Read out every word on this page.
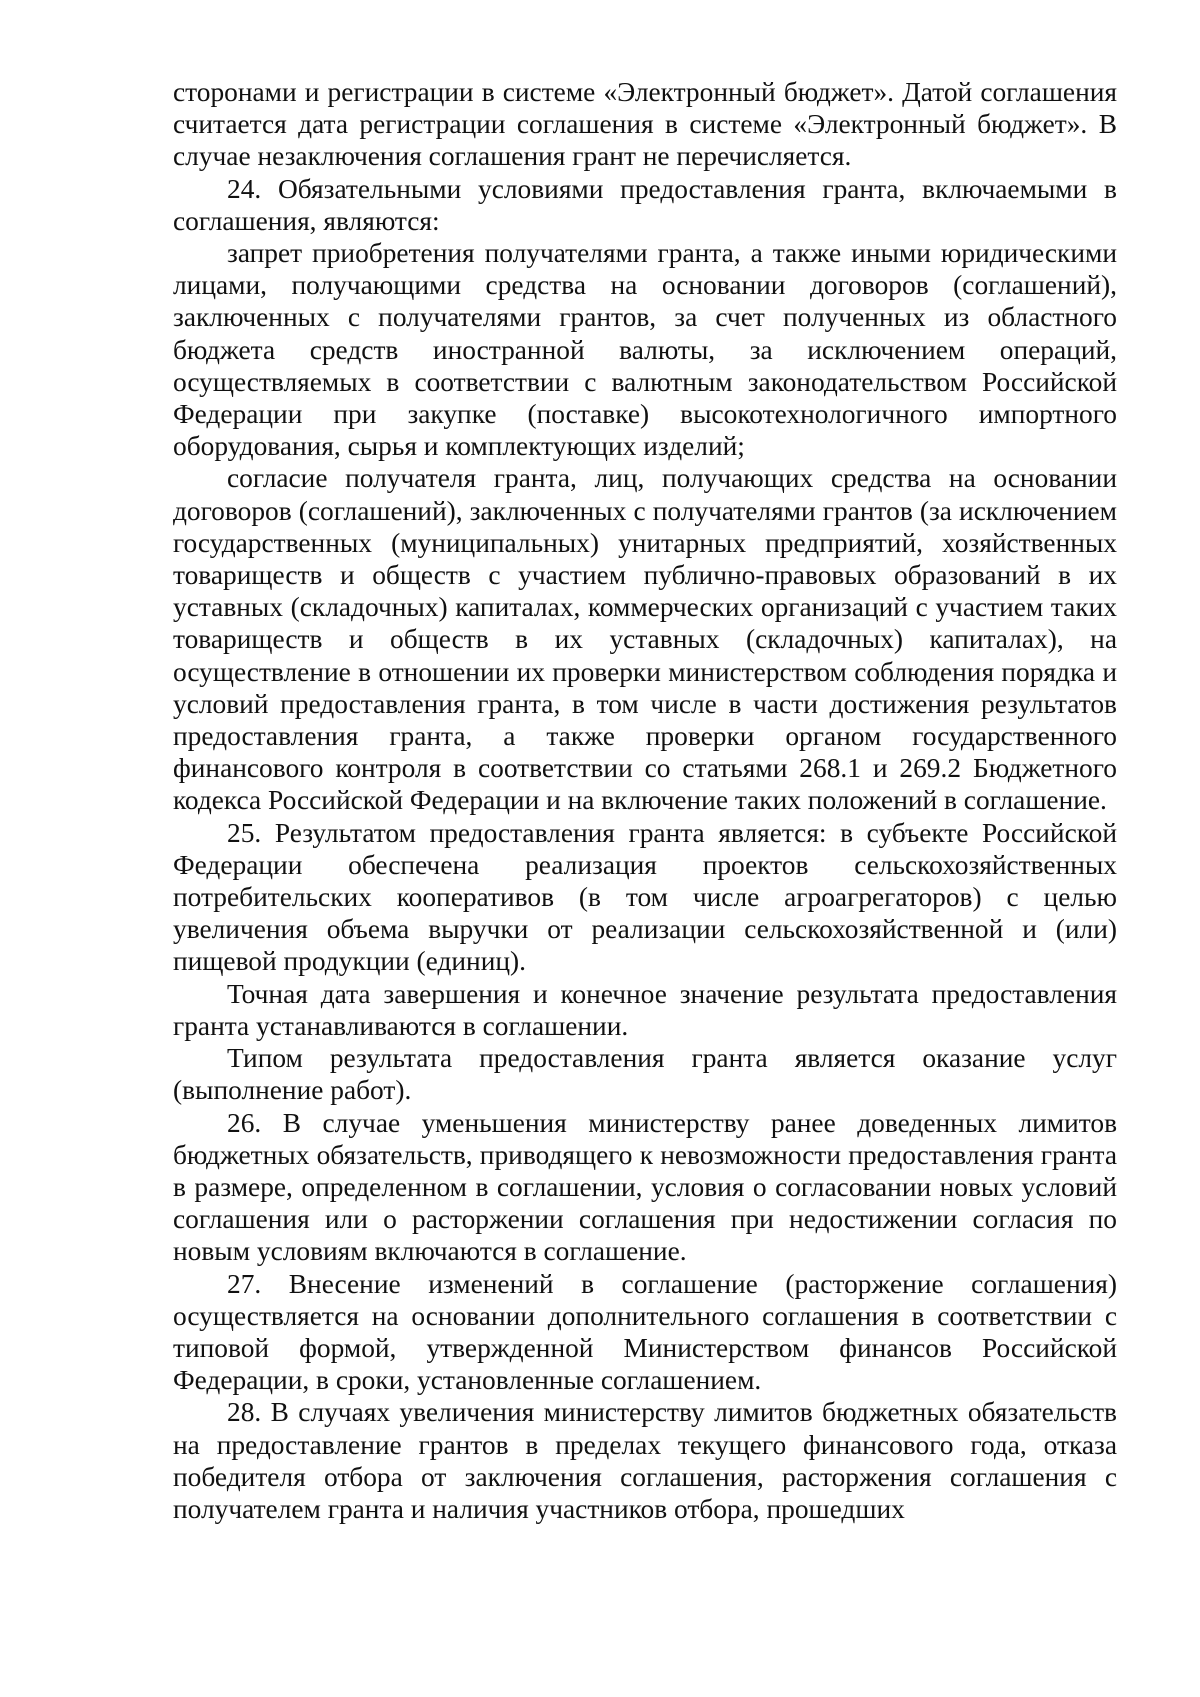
сторонами и регистрации в системе «Электронный бюджет». Датой соглашения считается дата регистрации соглашения в системе «Электронный бюджет». В случае незаключения соглашения грант не перечисляется.

24. Обязательными условиями предоставления гранта, включаемыми в соглашения, являются:

запрет приобретения получателями гранта, а также иными юридическими лицами, получающими средства на основании договоров (соглашений), заключенных с получателями грантов, за счет полученных из областного бюджета средств иностранной валюты, за исключением операций, осуществляемых в соответствии с валютным законодательством Российской Федерации при закупке (поставке) высокотехнологичного импортного оборудования, сырья и комплектующих изделий;

согласие получателя гранта, лиц, получающих средства на основании договоров (соглашений), заключенных с получателями грантов (за исключением государственных (муниципальных) унитарных предприятий, хозяйственных товариществ и обществ с участием публично-правовых образований в их уставных (складочных) капиталах, коммерческих организаций с участием таких товариществ и обществ в их уставных (складочных) капиталах), на осуществление в отношении их проверки министерством соблюдения порядка и условий предоставления гранта, в том числе в части достижения результатов предоставления гранта, а также проверки органом государственного финансового контроля в соответствии со статьями 268.1 и 269.2 Бюджетного кодекса Российской Федерации и на включение таких положений в соглашение.

25. Результатом предоставления гранта является: в субъекте Российской Федерации обеспечена реализация проектов сельскохозяйственных потребительских кооперативов (в том числе агроагрегаторов) с целью увеличения объема выручки от реализации сельскохозяйственной и (или) пищевой продукции (единиц).

Точная дата завершения и конечное значение результата предоставления гранта устанавливаются в соглашении.

Типом результата предоставления гранта является оказание услуг (выполнение работ).

26. В случае уменьшения министерству ранее доведенных лимитов бюджетных обязательств, приводящего к невозможности предоставления гранта в размере, определенном в соглашении, условия о согласовании новых условий соглашения или о расторжении соглашения при недостижении согласия по новым условиям включаются в соглашение.

27. Внесение изменений в соглашение (расторжение соглашения) осуществляется на основании дополнительного соглашения в соответствии с типовой формой, утвержденной Министерством финансов Российской Федерации, в сроки, установленные соглашением.

28. В случаях увеличения министерству лимитов бюджетных обязательств на предоставление грантов в пределах текущего финансового года, отказа победителя отбора от заключения соглашения, расторжения соглашения с получателем гранта и наличия участников отбора, прошедших
